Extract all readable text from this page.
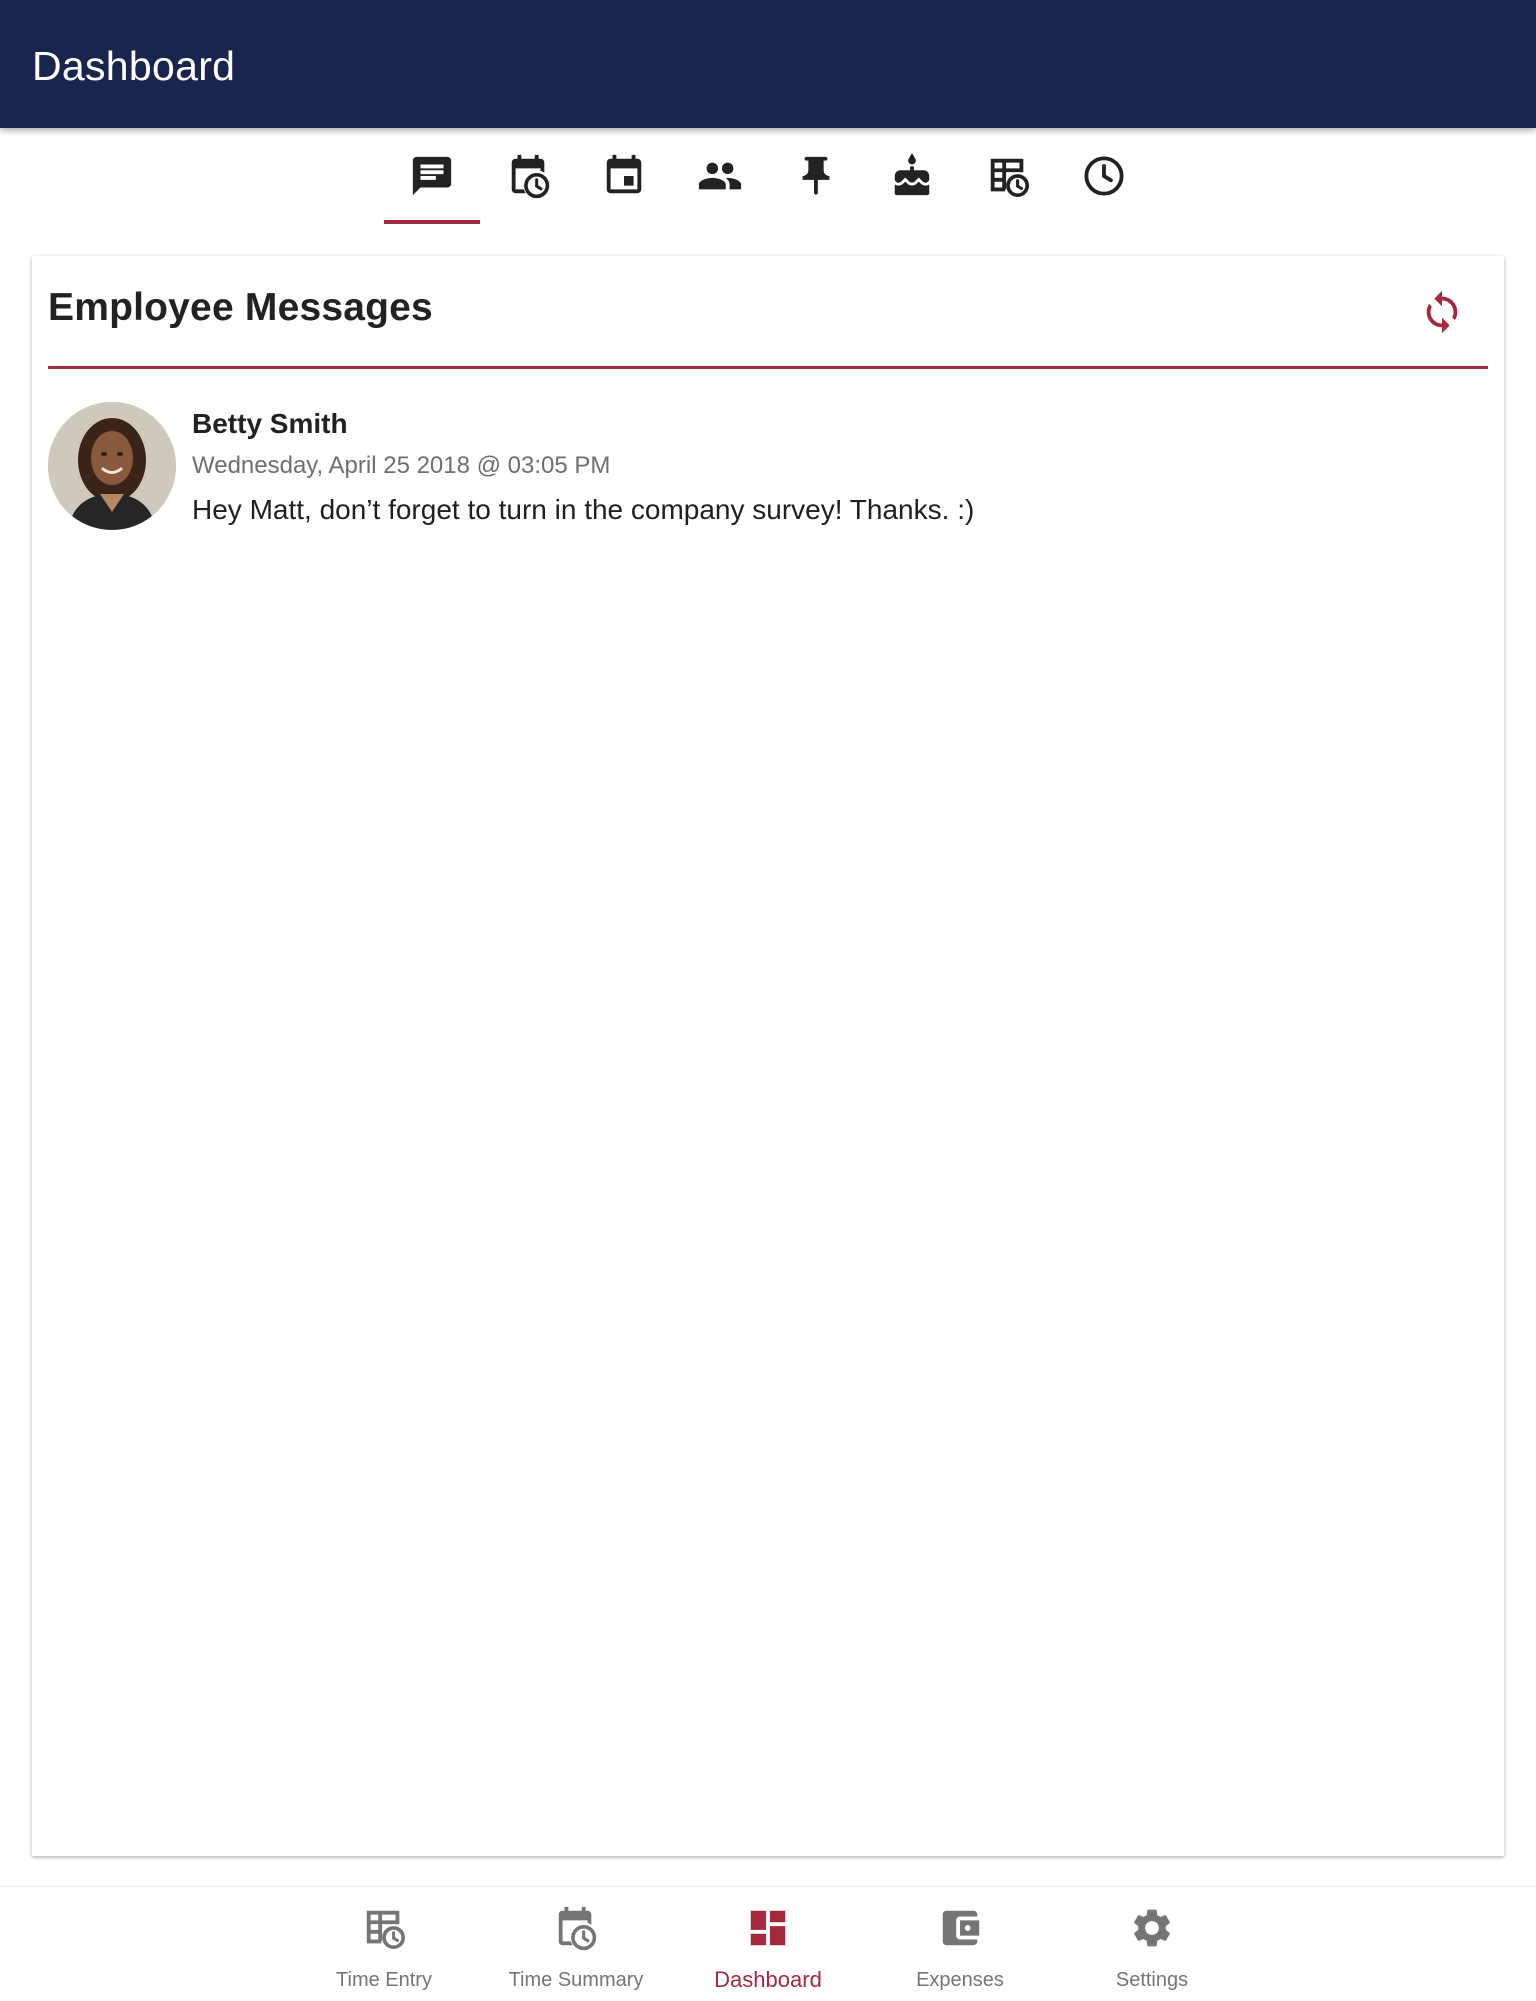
Dashboard
Employee Messages
Betty Smith
Wednesday, April 25 2018 @ 03:05 PM
Hey Matt, don’t forget to turn in the company survey! Thanks. :)
Time Entry	Time Summary	Dashboard	Expenses	Settings
